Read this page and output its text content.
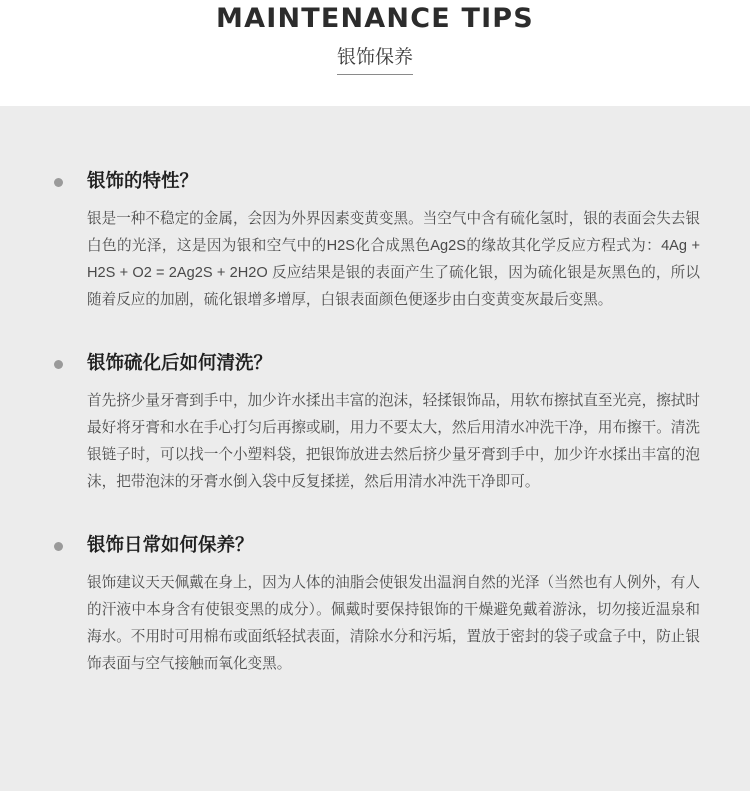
MAINTENANCE TIPS
银饰保养

银饰的特性？

银是一种不稳定的金属，会因为外界因素变黄变黑。当空气中含有硫化氢时，银的表面会失去银白色的光泽，这是因为银和空气中的H2S化合成黑色Ag2S的缘故其化学反应方程式为：4Ag + H2S + O2 = 2Ag2S + 2H2O 反应结果是银的表面产生了硫化银，因为硫化银是灰黑色的，所以随着反应的加剧，硫化银增多增厚，白银表面颜色便逐步由白变黄变灰最后变黑。

银饰硫化后如何清洗？

首先挤少量牙膏到手中，加少许水揉出丰富的泡沫，轻揉银饰品，用软布擦拭直至光亮，擦拭时最好将牙膏和水在手心打匀后再擦或刷，用力不要太大，然后用清水冲洗干净，用布擦干。清洗银链子时，可以找一个小塑料袋，把银饰放进去然后挤少量牙膏到手中，加少许水揉出丰富的泡沫，把带泡沫的牙膏水倒入袋中反复揉搓，然后用清水冲洗干净即可。

银饰日常如何保养？

银饰建议天天佩戴在身上，因为人体的油脂会使银发出温润自然的光泽（当然也有人例外，有人的汗液中本身含有使银变黑的成分）。佩戴时要保持银饰的干燥避免戴着游泳，切勿接近温泉和海水。不用时可用棉布或面纸轻拭表面，清除水分和污垢，置放于密封的袋子或盒子中，防止银饰表面与空气接触而氧化变黑。
